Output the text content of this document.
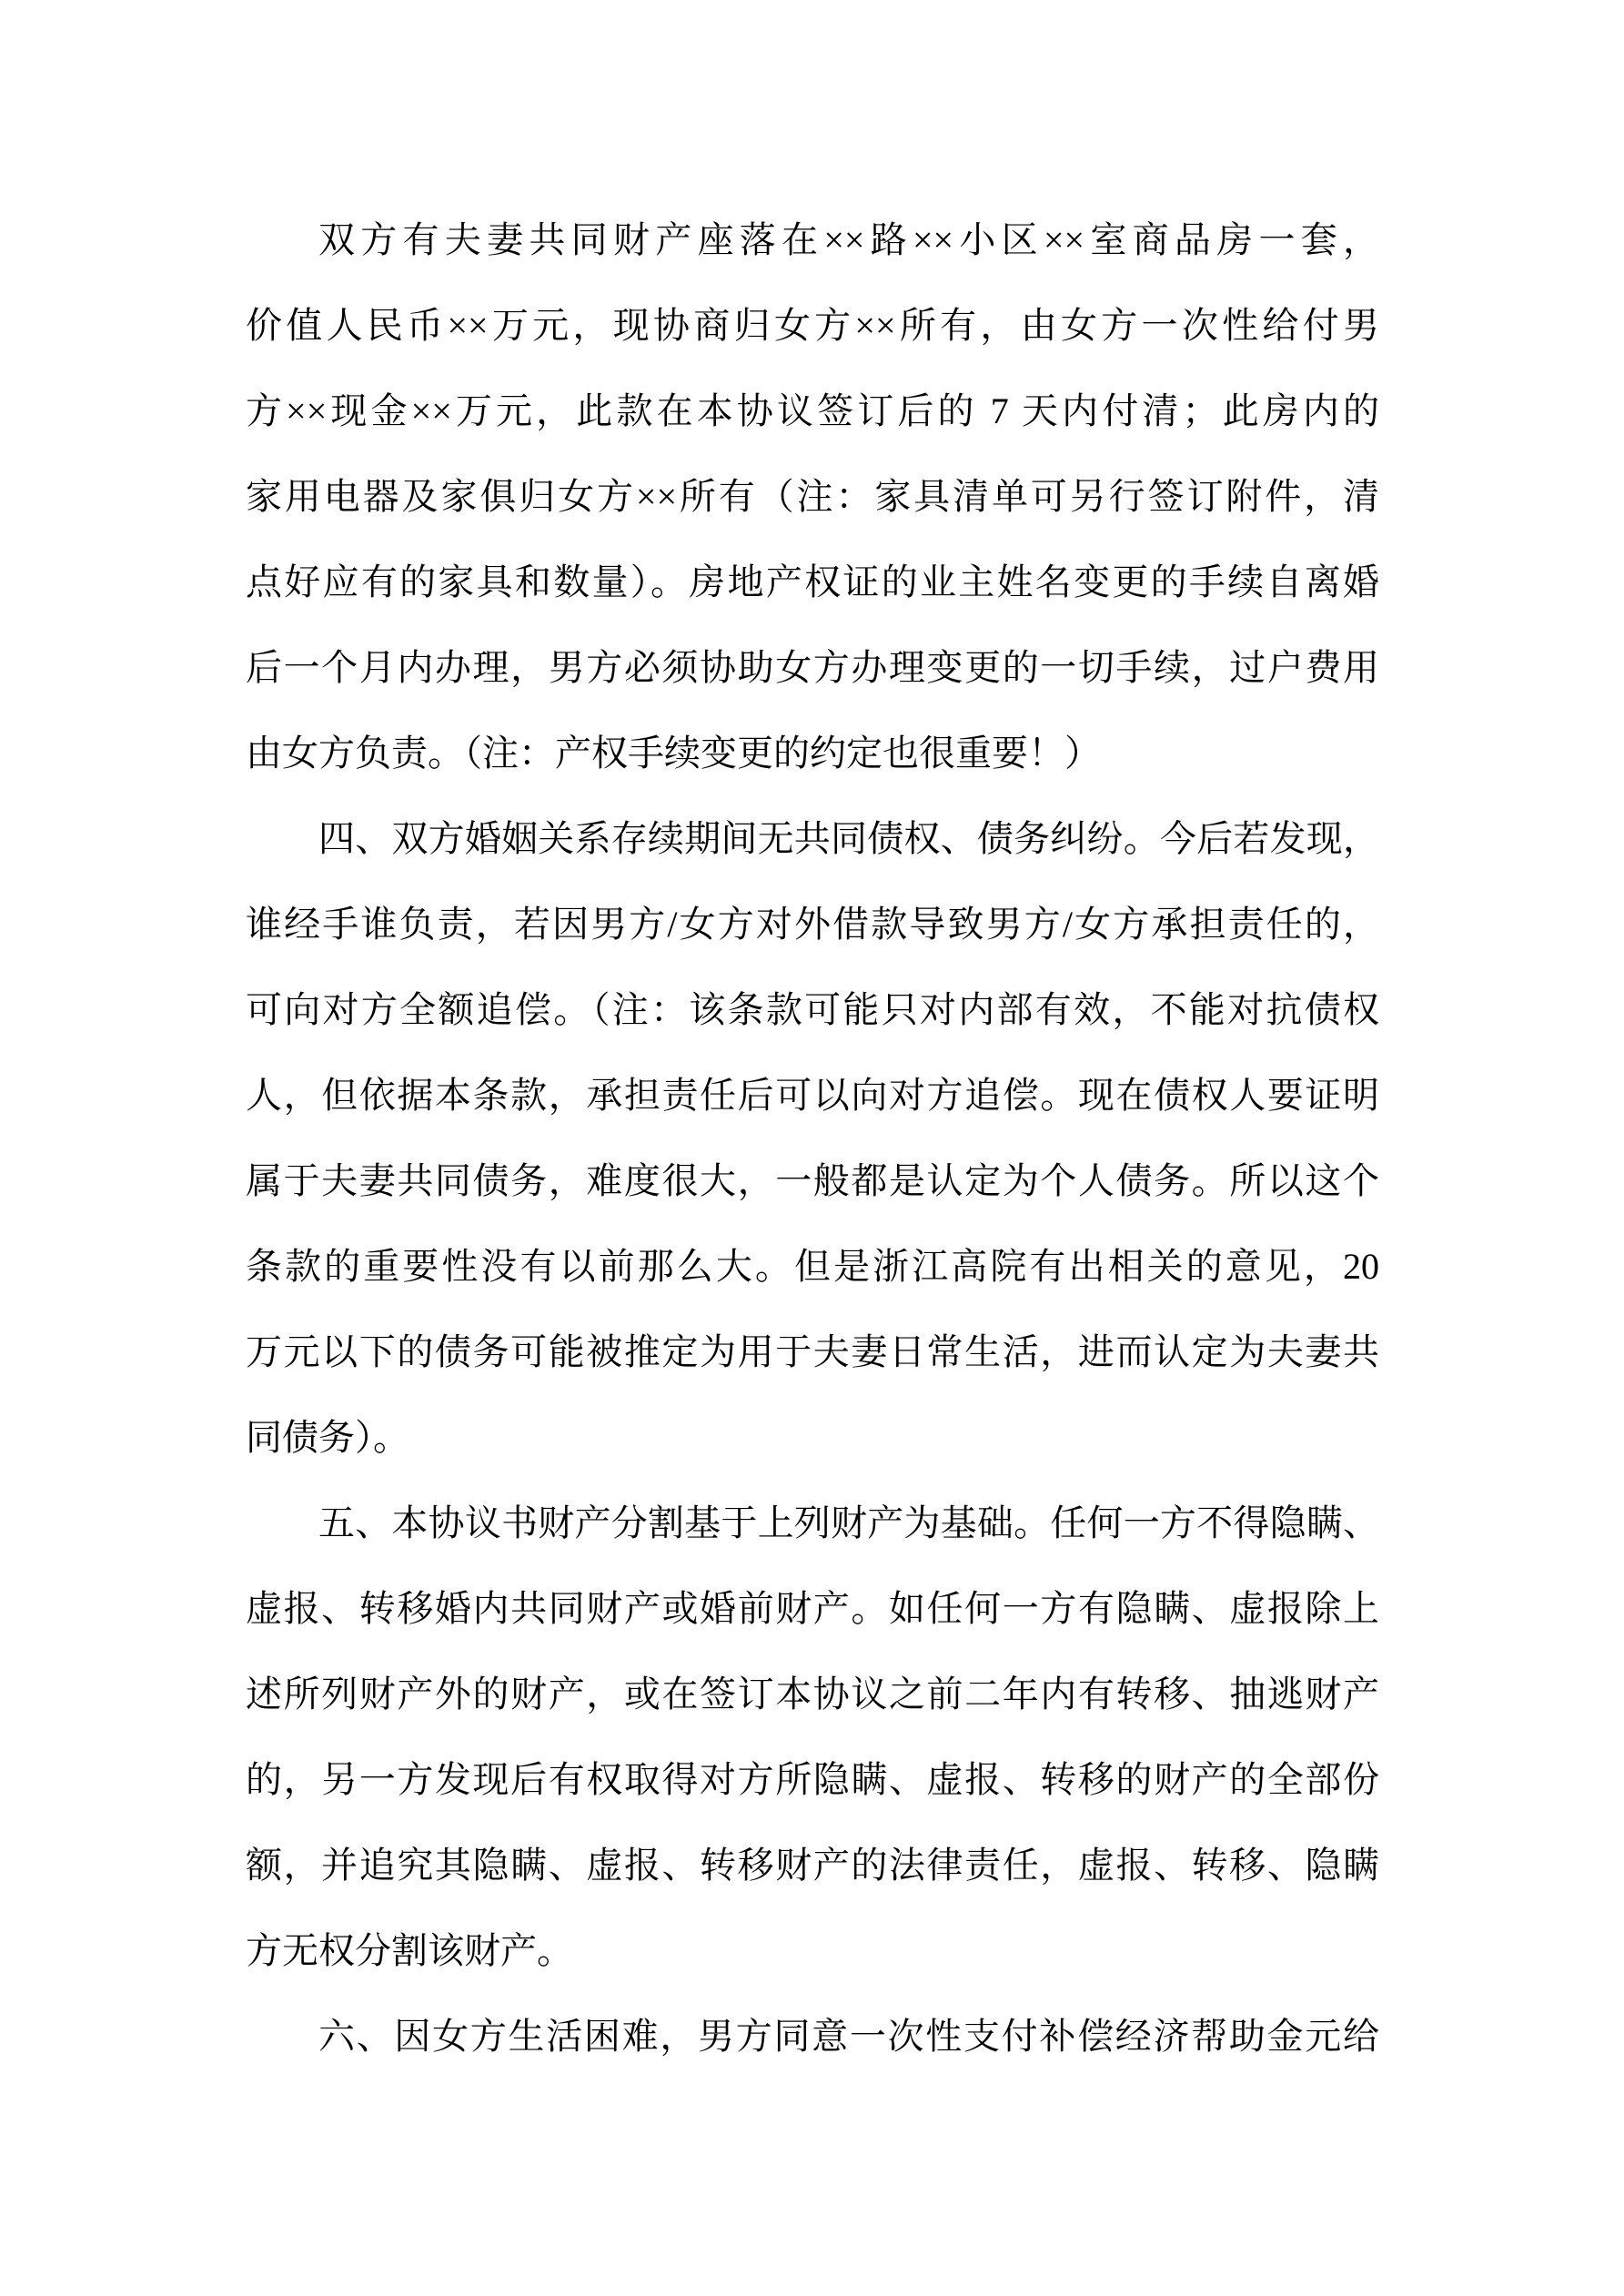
双方有夫妻共同财产座落在××路××小区××室商品房一套，

价值人民币××万元，现协商归女方××所有，由女方一次性给付男

方××现金××万元，此款在本协议签订后的 7 天内付清；此房内的

家用电器及家俱归女方××所有（注：家具清单可另行签订附件，清

点好应有的家具和数量）。房地产权证的业主姓名变更的手续自离婚

后一个月内办理，男方必须协助女方办理变更的一切手续，过户费用

由女方负责。（注：产权手续变更的约定也很重要！）

四、双方婚姻关系存续期间无共同债权、债务纠纷。今后若发现，

谁经手谁负责，若因男方/女方对外借款导致男方/女方承担责任的，

可向对方全额追偿。（注：该条款可能只对内部有效，不能对抗债权

人，但依据本条款，承担责任后可以向对方追偿。现在债权人要证明

属于夫妻共同债务，难度很大，一般都是认定为个人债务。所以这个

条款的重要性没有以前那么大。但是浙江高院有出相关的意见，20

万元以下的债务可能被推定为用于夫妻日常生活，进而认定为夫妻共

同债务）。

五、本协议书财产分割基于上列财产为基础。任何一方不得隐瞒、

虚报、转移婚内共同财产或婚前财产。如任何一方有隐瞒、虚报除上

述所列财产外的财产，或在签订本协议之前二年内有转移、抽逃财产

的，另一方发现后有权取得对方所隐瞒、虚报、转移的财产的全部份

额，并追究其隐瞒、虚报、转移财产的法律责任，虚报、转移、隐瞒

方无权分割该财产。

六、因女方生活困难，男方同意一次性支付补偿经济帮助金元给
